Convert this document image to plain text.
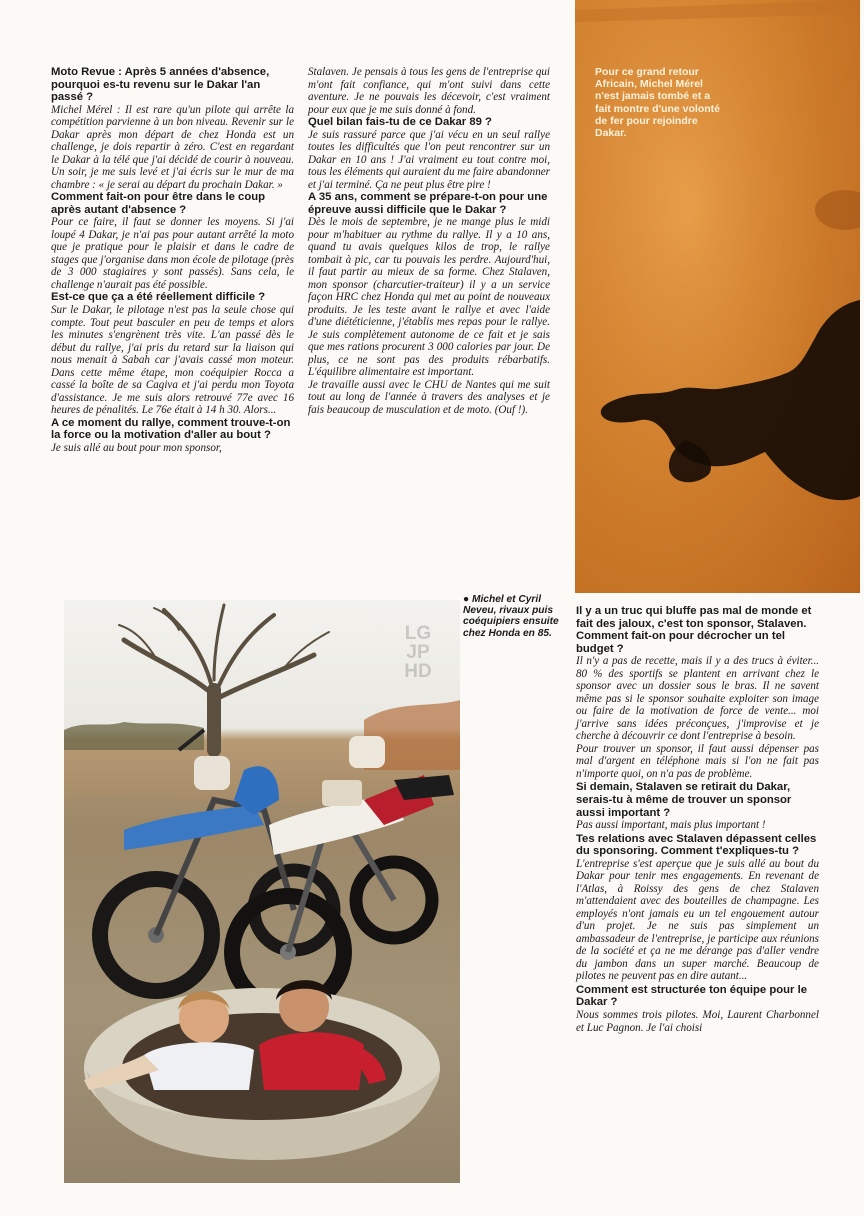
Pour ce grand retour Africain, Michel Mérel n'est jamais tombé et a fait montre d'une volonté de fer pour rejoindre Dakar.

Moto Revue : Après 5 années d'absence, pourquoi es-tu revenu sur le Dakar l'an passé ?

Michel Mérel : Il est rare qu'un pilote qui arrête la compétition parvienne à un bon niveau. Revenir sur le Dakar après mon départ de chez Honda est un challenge, je dois repartir à zéro. C'est en regardant le Dakar à la télé que j'ai décidé de courir à nouveau. Un soir, je me suis levé et j'ai écris sur le mur de ma chambre : « je serai au départ du prochain Dakar. »

Comment fait-on pour être dans le coup après autant d'absence ?

Pour ce faire, il faut se donner les moyens. Si j'ai loupé 4 Dakar, je n'ai pas pour autant arrêté la moto que je pratique pour le plaisir et dans le cadre de stages que j'organise dans mon école de pilotage (près de 3 000 stagiaires y sont passés). Sans cela, le challenge n'aurait pas été possible.

Est-ce que ça a été réellement difficile ?

Sur le Dakar, le pilotage n'est pas la seule chose qui compte. Tout peut basculer en peu de temps et alors les minutes s'engrènent très vite. L'an passé dès le début du rallye, j'ai pris du retard sur la liaison qui nous menait à Sabah car j'avais cassé mon moteur. Dans cette même étape, mon coéquipier Rocca a cassé la boîte de sa Cagiva et j'ai perdu mon Toyota d'assistance. Je me suis alors retrouvé 77e avec 16 heures de pénalités. Le 76e était à 14 h 30. Alors...

A ce moment du rallye, comment trouve-t-on la force ou la motivation d'aller au bout ?

Je suis allé au bout pour mon sponsor,

Stalaven. Je pensais à tous les gens de l'entreprise qui m'ont fait confiance, qui m'ont suivi dans cette aventure. Je ne pouvais les décevoir, c'est vraiment pour eux que je me suis donné à fond.

Quel bilan fais-tu de ce Dakar 89 ?

Je suis rassuré parce que j'ai vécu en un seul rallye toutes les difficultés que l'on peut rencontrer sur un Dakar en 10 ans ! J'ai vraiment eu tout contre moi, tous les éléments qui auraient du me faire abandonner et j'ai terminé. Ça ne peut plus être pire !

A 35 ans, comment se prépare-t-on pour une épreuve aussi difficile que le Dakar ?

Dès le mois de septembre, je ne mange plus le midi pour m'habituer au rythme du rallye. Il y a 10 ans, quand tu avais quelques kilos de trop, le rallye tombait à pic, car tu pouvais les perdre. Aujourd'hui, il faut partir au mieux de sa forme. Chez Stalaven, mon sponsor (charcutier-traiteur) il y a un service façon HRC chez Honda qui met au point de nouveaux produits. Je les teste avant le rallye et avec l'aide d'une diététicienne, j'établis mes repas pour le rallye. Je suis complètement autonome de ce fait et je sais que mes rations procurent 3 000 calories par jour. De plus, ce ne sont pas des produits rébarbatifs. L'équilibre alimentaire est important.

Je travaille aussi avec le CHU de Nantes qui me suit tout au long de l'année à travers des analyses et je fais beaucoup de musculation et de moto. (Ouf !).

Il y a un truc qui bluffe pas mal de monde et fait des jaloux, c'est ton sponsor, Stalaven. Comment fait-on pour décrocher un tel budget ?

Il n'y a pas de recette, mais il y a des trucs à éviter... 80 % des sportifs se plantent en arrivant chez le sponsor avec un dossier sous le bras. Il ne savent même pas si le sponsor souhaite exploiter son image ou faire de la motivation de force de vente... moi j'arrive sans idées préconçues, j'improvise et je cherche à découvrir ce dont l'entreprise à besoin.

Pour trouver un sponsor, il faut aussi dépenser pas mal d'argent en téléphone mais si l'on ne fait pas n'importe quoi, on n'a pas de problème.

Si demain, Stalaven se retirait du Dakar, serais-tu à même de trouver un sponsor aussi important ?

Pas aussi important, mais plus important !

Tes relations avec Stalaven dépassent celles du sponsoring. Comment t'expliques-tu ?

L'entreprise s'est aperçue que je suis allé au bout du Dakar pour tenir mes engagements. En revenant de l'Atlas, à Roissy des gens de chez Stalaven m'attendaient avec des bouteilles de champagne. Les employés n'ont jamais eu un tel engouement autour d'un projet. Je ne suis pas simplement un ambassadeur de l'entreprise, je participe aux réunions de la société et ça ne me dérange pas d'aller vendre du jambon dans un super marché. Beaucoup de pilotes ne peuvent pas en dire autant...

Comment est structurée ton équipe pour le Dakar ?

Nous sommes trois pilotes. Moi, Laurent Charbonnel et Luc Pagnon. Je l'ai choisi

LG
JP
HD
● Michel et Cyril Neveu, rivaux puis coéquipiers ensuite chez Honda en 85.
